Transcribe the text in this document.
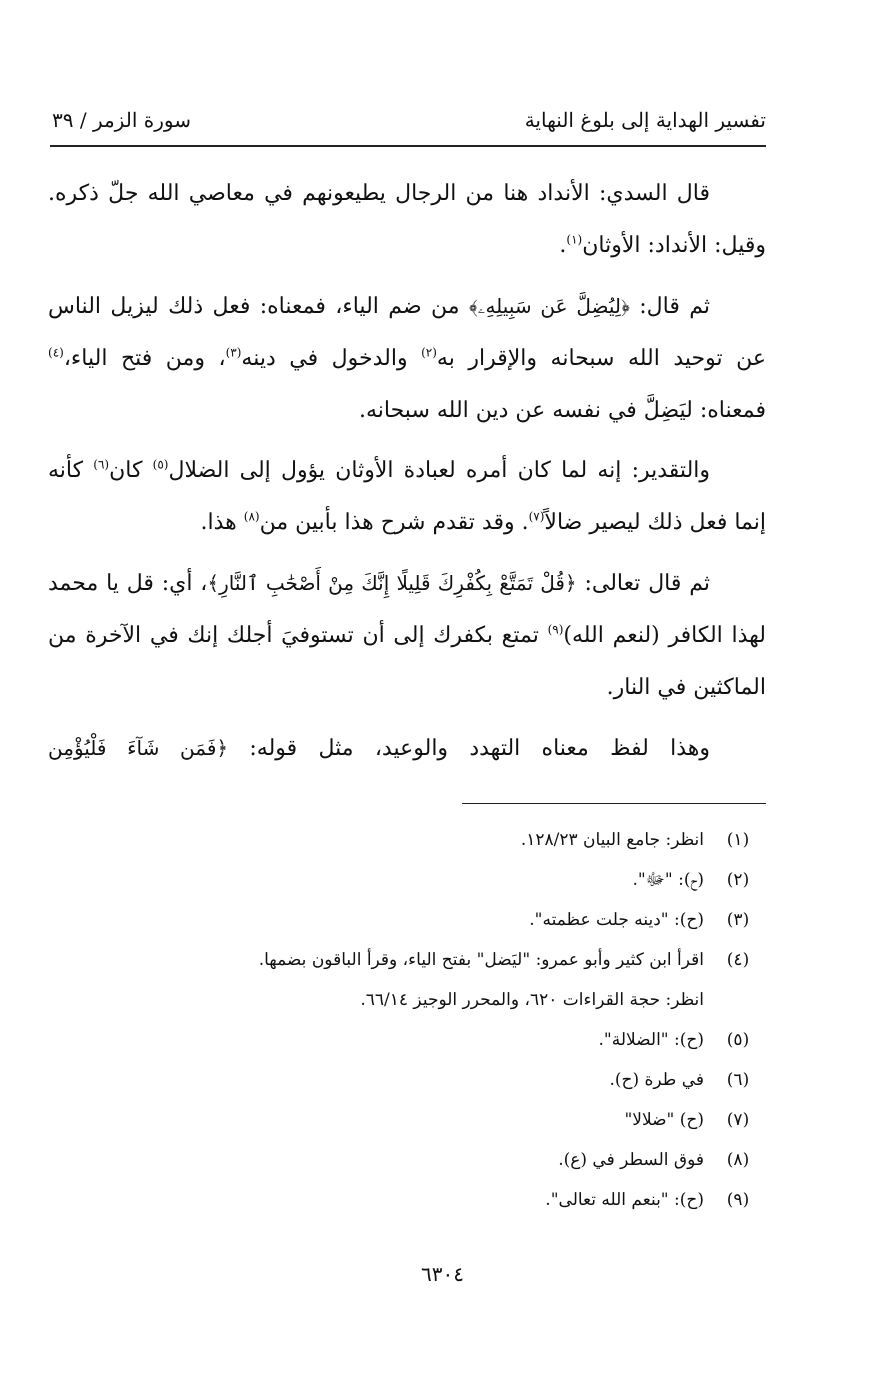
تفسير الهداية إلى بلوغ النهاية
سورة الزمر / ٣٩

قال السدي: الأنداد هنا من الرجال يطيعونهم في معاصي الله جلّ ذكره. وقيل: الأنداد: الأوثان$^{(١)}$.

ثم قال: ﴿لِيُضِلَّ عَن سَبِيلِهِۦ﴾ من ضم الياء، فمعناه: فعل ذلك ليزيل الناس عن توحيد الله سبحانه والإقرار به$^{(٢)}$ والدخول في دينه$^{(٣)}$، ومن فتح الياء،$^{(٤)}$ فمعناه: ليَضِلَّ في نفسه عن دين الله سبحانه.

والتقدير: إنه لما كان أمره لعبادة الأوثان يؤول إلى الضلال$^{(٥)}$ كان$^{(٦)}$ كأنه إنما فعل ذلك ليصير ضالاً$^{(٧)}$. وقد تقدم شرح هذا بأبين من$^{(٨)}$ هذا.

ثم قال تعالى: ﴿قُلْ تَمَتَّعْ بِكُفْرِكَ قَلِيلًا إِنَّكَ مِنْ أَصْحَٰبِ ٱلنَّارِ﴾، أي: قل يا محمد لهذا الكافر (لنعم الله)$^{(٩)}$ تمتع بكفرك إلى أن تستوفيَ أجلك إنك في الآخرة من الماكثين في النار.

وهذا لفظ معناه التهدد والوعيد، مثل قوله: ﴿فَمَن شَآءَ فَلْيُؤْمِن

(١)
انظر: جامع البيان ١٢٨/٢٣.
(٢)
(ح): "ﷻ".
(٣)
(ح): "دينه جلت عظمته".
(٤)
اقرأ ابن كثير وأبو عمرو: "ليَضل" بفتح الياء، وقرأ الباقون بضمها.
انظر: حجة القراءات ٦٢٠، والمحرر الوجيز ٦٦/١٤.
(٥)
(ح): "الضلالة".
(٦)
في طرة (ح).
(٧)
(ح) "ضلالا"
(٨)
فوق السطر في (ع).
(٩)
(ح): "بنعم الله تعالى".
٦٣٠٤
